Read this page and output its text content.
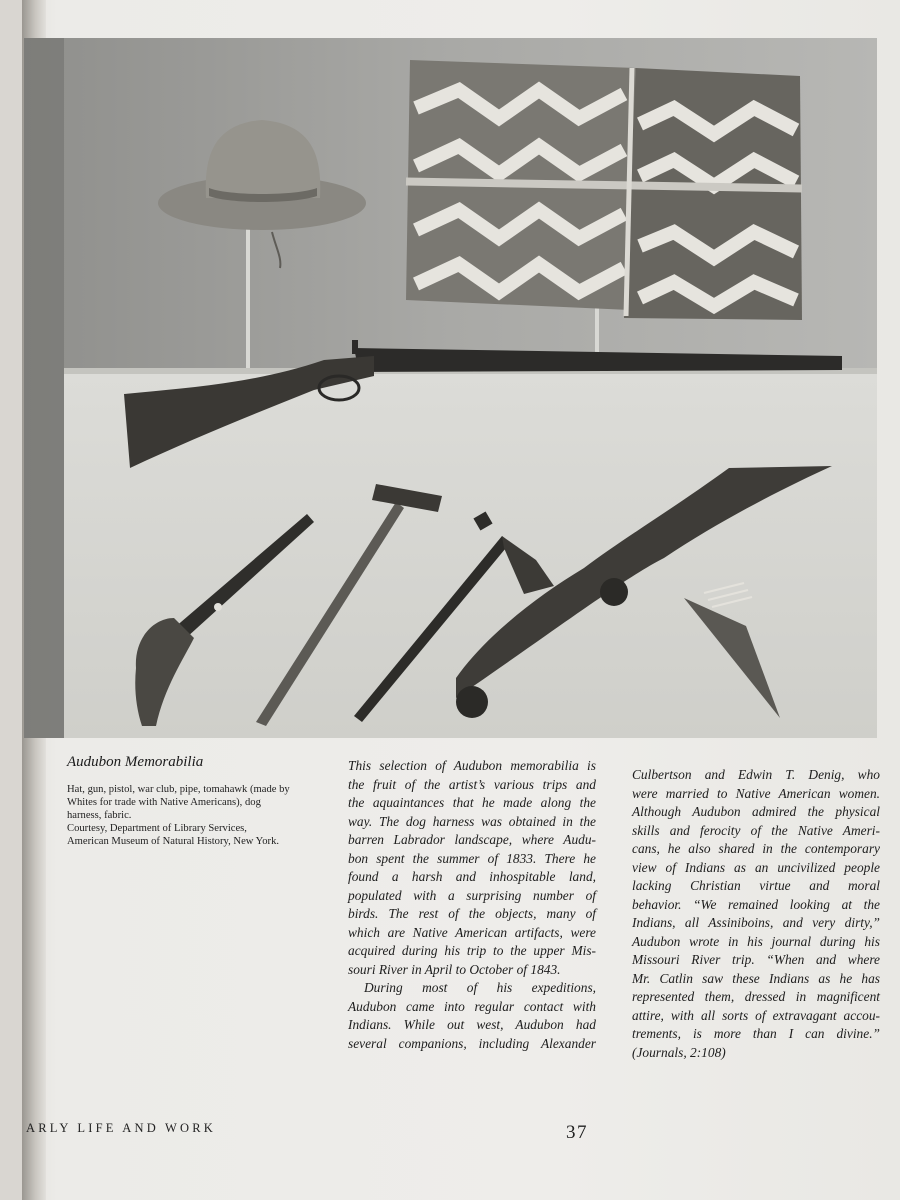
Audubon Memorabilia
Hat, gun, pistol, war club, pipe, tomahawk (made by
Whites for trade with Native Americans), dog
harness, fabric.
Courtesy, Department of Library Services,
American Museum of Natural History, New York.
This selection of Audubon memorabilia is
the fruit of the artist’s various trips and
the aquaintances that he made along the
way. The dog harness was obtained in the
barren Labrador landscape, where Audu-
bon spent the summer of 1833. There he
found a harsh and inhospitable land,
populated with a surprising number of
birds. The rest of the objects, many of
which are Native American artifacts, were
acquired during his trip to the upper Mis-
souri River in April to October of 1843.
During most of his expeditions,
Audubon came into regular contact with
Indians. While out west, Audubon had
several companions, including Alexander
Culbertson and Edwin T. Denig, who
were married to Native American women.
Although Audubon admired the physical
skills and ferocity of the Native Ameri-
cans, he also shared in the contemporary
view of Indians as an uncivilized people
lacking Christian virtue and moral
behavior. “We remained looking at the
Indians, all Assiniboins, and very dirty,”
Audubon wrote in his journal during his
Missouri River trip. “When and where
Mr. Catlin saw these Indians as he has
represented them, dressed in magnificent
attire, with all sorts of extravagant accou-
trements, is more than I can divine.”
(Journals, 2:108)
ARLY LIFE AND WORK	37
